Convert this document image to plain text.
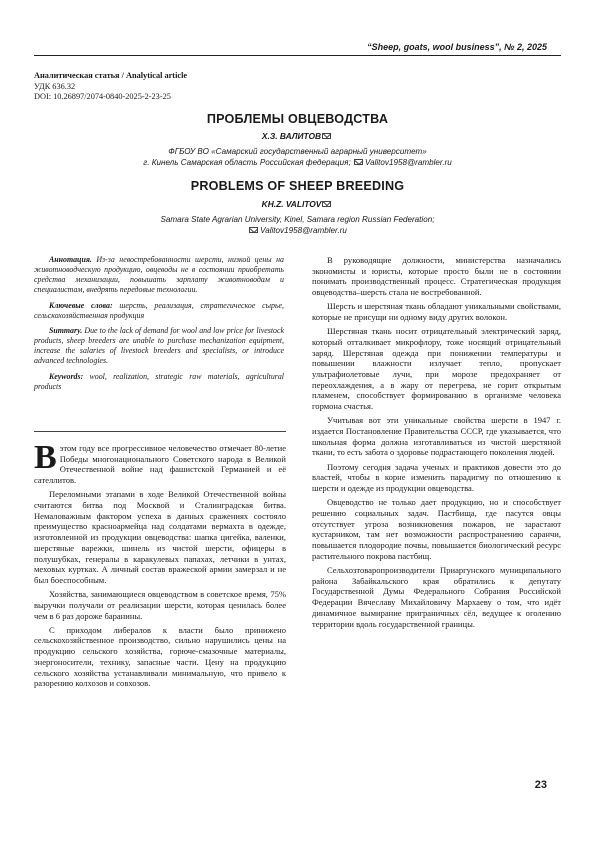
“Sheep, goats, wool business”, № 2, 2025
Аналитическая статья / Analytical article
УДК 636.32
DOI: 10.26897/2074-0840-2025-2-23-25
ПРОБЛЕМЫ ОВЦЕВОДСТВА
Х.З. ВАЛИТОВ
ФГБОУ ВО «Самарский государственный аграрный университет»
г. Кинель Самарская область Российская федерация; Valitov1958@rambler.ru
PROBLEMS OF SHEEP BREEDING
KH.Z. VALITOV
Samara State Agrarian University, Kinel, Samara region Russian Federation;
Valitov1958@rambler.ru

Аннотация. Из-за невостребованности шерсти, низкой цены на животноводческую продукцию, овцеводы не в состоянии приобретать средства механизации, повышать зарплату животноводам и специалистам, внедрять передовые технологии.

Ключевые слова: шерсть, реализация, стратегическое сырье, сельскохозяйственная продукция

Summary. Due to the lack of demand for wool and low price for livestock products, sheep breeders are unable to purchase mechanization equipment, increase the salaries of livestock breeders and specialists, or introduce advanced technologies.

Keywords: wool, realization, strategic raw materials, agricultural products

Вэтом году все прогрессивное человечество отмечает 80-летие Победы многонационального Советского народа в Великой Отечественной войне над фашистской Германией и её сателлитов.

Переломными этапами в ходе Великой Отечественной войны считаются битва под Москвой и Сталинградская битва. Немаловажным фактором успеха в данных сражениях состояло преимущество красноармейца над солдатами вермахта в одежде, изготовленной из продукции овцеводства: шапка цигейка, валенки, шерстяные варежки, шинель из чистой шерсти, офицеры в полушубках, генералы в каракулевых папахах, летчики в унтах, меховых куртках. А личный состав вражеской армии замерзал и не был боеспособным.

Хозяйства, занимающиеся овцеводством в советское время, 75% выручки получали от реализации шерсти, которая ценилась более чем в 6 раз дороже баранины.

С приходом либералов к власти было принижено сельскохозяйственное производство, сильно нарушились цены на продукцию сельского хозяйства, горюче-смазочные материалы, энергоносители, технику, запасные части. Цену на продукцию сельского хозяйства устанавливали минимальную, что привело к разорению колхозов и совхозов.

В руководящие должности, министерства назначались экономисты и юристы, которые просто были не в состоянии понимать производственный процесс. Стратегическая продукция овцеводства–шерсть стала не востребованной.

Шерсть и шерстяная ткань обладают уникальными свойствами, которые не присущи ни одному виду других волокон.

Шерстяная ткань носит отрицательный электрический заряд, который отталкивает микрофлору, тоже носящий отрицательный заряд. Шерстяная одежда при понижении температуры и повышении влажности излучает тепло, пропускает ультрафиолетовые лучи, при морозе предохраняет от переохлаждения, а в жару от перегрева, не горит открытым пламенем, способствует формированию в организме человека гормона счастья.

Учитывая вот эти уникальные свойства шерсти в 1947 г. издается Постановление Правительства СССР, где указывается, что школьная форма должна изготавливаться из чистой шерстяной ткани, то есть забота о здоровье подрастающего поколения людей.

Поэтому сегодня задача ученых и практиков довести это до властей, чтобы в корне изменить парадигму по отношению к шерсти и одежде из продукции овцеводства.

Овцеводство не только дает продукцию, но и способствует решению социальных задач. Пастбища, где пасутся овцы отсутствует угроза возникновения пожаров, не зарастают кустарником, там нет возможности распространению саранчи, повышается плодородие почвы, повышается биологический ресурс растительного покрова пастбищ.

Сельхозтоваропроизводители Приаргунского муниципального района Забайкальского края обратились к депутату Государственной Думы Федерального Собрания Российской Федерации Вячеславу Михайловичу Мархаеву о том, что идёт динамичное вымирание приграничных сёл, ведущее к оголению территории вдоль государственной границы.

23
